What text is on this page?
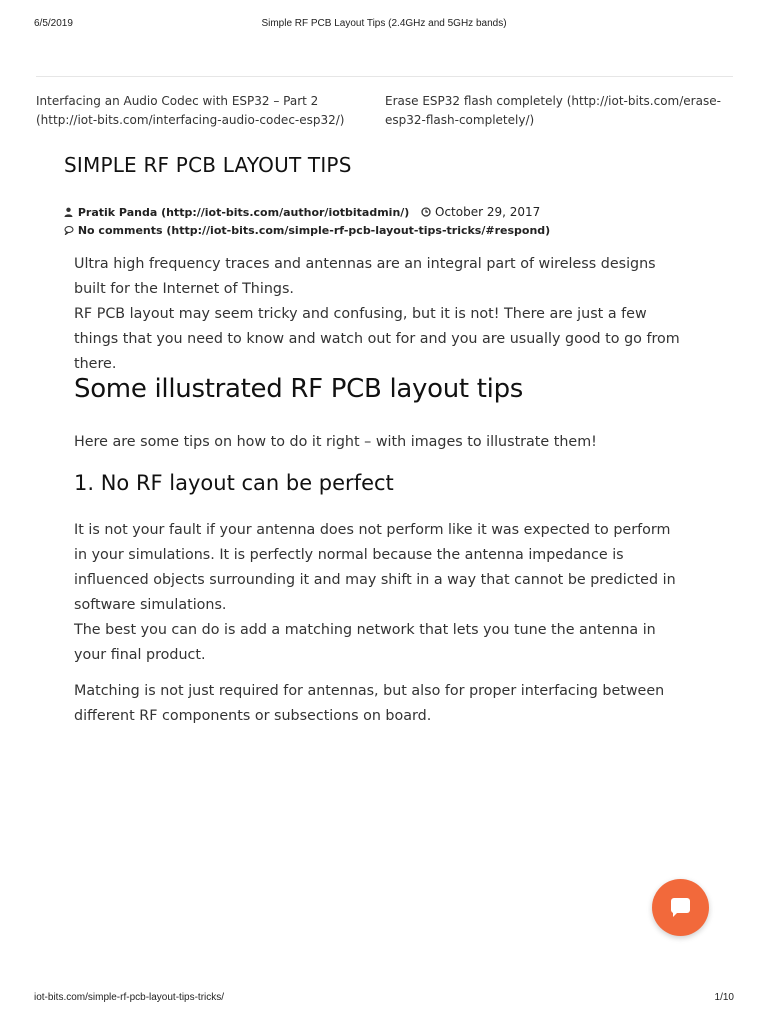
6/5/2019	Simple RF PCB Layout Tips (2.4GHz and 5GHz bands)
Interfacing an Audio Codec with ESP32 – Part 2 (http://iot-bits.com/interfacing-audio-codec-esp32/)
Erase ESP32 flash completely (http://iot-bits.com/erase-esp32-flash-completely/)
SIMPLE RF PCB LAYOUT TIPS
Pratik Panda (http://iot-bits.com/author/iotbitadmin/) October 29, 2017
No comments (http://iot-bits.com/simple-rf-pcb-layout-tips-tricks/#respond)

Ultra high frequency traces and antennas are an integral part of wireless designs built for the Internet of Things.

RF PCB layout may seem tricky and confusing, but it is not! There are just a few things that you need to know and watch out for and you are usually good to go from there.

Some illustrated RF PCB layout tips

Here are some tips on how to do it right – with images to illustrate them!

1. No RF layout can be perfect

It is not your fault if your antenna does not perform like it was expected to perform in your simulations. It is perfectly normal because the antenna impedance is influenced objects surrounding it and may shift in a way that cannot be predicted in software simulations.

The best you can do is add a matching network that lets you tune the antenna in your final product.

Matching is not just required for antennas, but also for proper interfacing between different RF components or subsections on board.

iot-bits.com/simple-rf-pcb-layout-tips-tricks/	1/10
